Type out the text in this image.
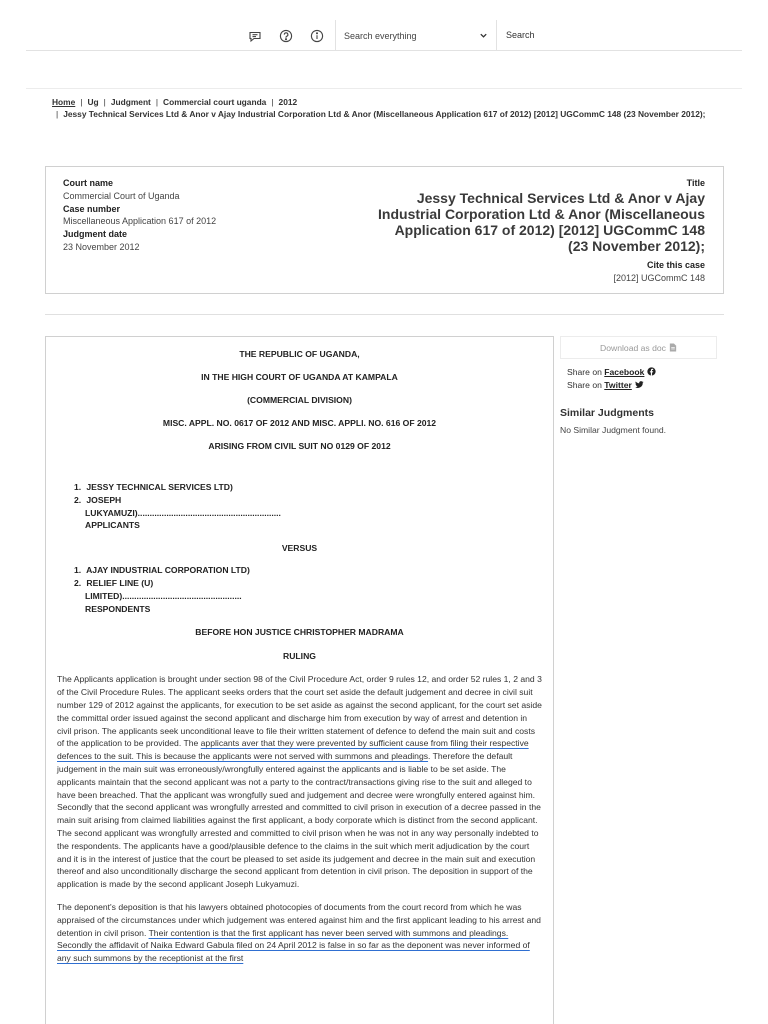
Search everything
Search
Home | Ug | Judgment | Commercial court uganda | 2012
| Jessy Technical Services Ltd & Anor v Ajay Industrial Corporation Ltd & Anor (Miscellaneous Application 617 of 2012) [2012] UGCommC 148 (23 November 2012);
Court name
Commercial Court of Uganda
Case number
Miscellaneous Application 617 of 2012
Judgment date
23 November 2012
Title
Jessy Technical Services Ltd & Anor v Ajay Industrial Corporation Ltd & Anor (Miscellaneous Application 617 of 2012) [2012] UGCommC 148 (23 November 2012);
Cite this case
[2012] UGCommC 148
THE REPUBLIC OF UGANDA,
IN THE HIGH COURT OF UGANDA AT KAMPALA
(COMMERCIAL DIVISION)
MISC. APPL. NO. 0617 OF 2012 AND MISC. APPLI. NO. 616 OF 2012
ARISING FROM CIVIL SUIT NO 0129 OF 2012
1. JESSY TECHNICAL SERVICES LTD)
2. JOSEPH
LUKYAMUZI)............................................................
APPLICANTS
VERSUS
1. AJAY INDUSTRIAL CORPORATION LTD)
2. RELIEF LINE (U)
LIMITED)..................................................
RESPONDENTS
BEFORE HON JUSTICE CHRISTOPHER MADRAMA
RULING

The Applicants application is brought under section 98 of the Civil Procedure Act, order 9 rules 12, and order 52 rules 1, 2 and 3 of the Civil Procedure Rules. The applicant seeks orders that the court set aside the default judgement and decree in civil suit number 129 of 2012 against the applicants, for execution to be set aside as against the second applicant, for the court set aside the committal order issued against the second applicant and discharge him from execution by way of arrest and detention in civil prison. The applicants seek unconditional leave to file their written statement of defence to defend the main suit and costs of the application to be provided. The applicants aver that they were prevented by sufficient cause from filing their respective defences to the suit. This is because the applicants were not served with summons and pleadings. Therefore the default judgement in the main suit was erroneously/wrongfully entered against the applicants and is liable to be set aside. The applicants maintain that the second applicant was not a party to the contract/transactions giving rise to the suit and alleged to have been breached. That the applicant was wrongfully sued and judgement and decree were wrongfully entered against him. Secondly that the second applicant was wrongfully arrested and committed to civil prison in execution of a decree passed in the main suit arising from claimed liabilities against the first applicant, a body corporate which is distinct from the second applicant. The second applicant was wrongfully arrested and committed to civil prison when he was not in any way personally indebted to the respondents. The applicants have a good/plausible defence to the claims in the suit which merit adjudication by the court and it is in the interest of justice that the court be pleased to set aside its judgement and decree in the main suit and execution thereof and also unconditionally discharge the second applicant from detention in civil prison. The deposition in support of the application is made by the second applicant Joseph Lukyamuzi.

The deponent's deposition is that his lawyers obtained photocopies of documents from the court record from which he was appraised of the circumstances under which judgement was entered against him and the first applicant leading to his arrest and detention in civil prison. Their contention is that the first applicant has never been served with summons and pleadings. Secondly the affidavit of Naika Edward Gabula filed on 24 April 2012 is false in so far as the deponent was never informed of any such summons by the receptionist at the first

Download as doc
Share on Facebook
Share on Twitter
Similar Judgments
No Similar Judgment found.
